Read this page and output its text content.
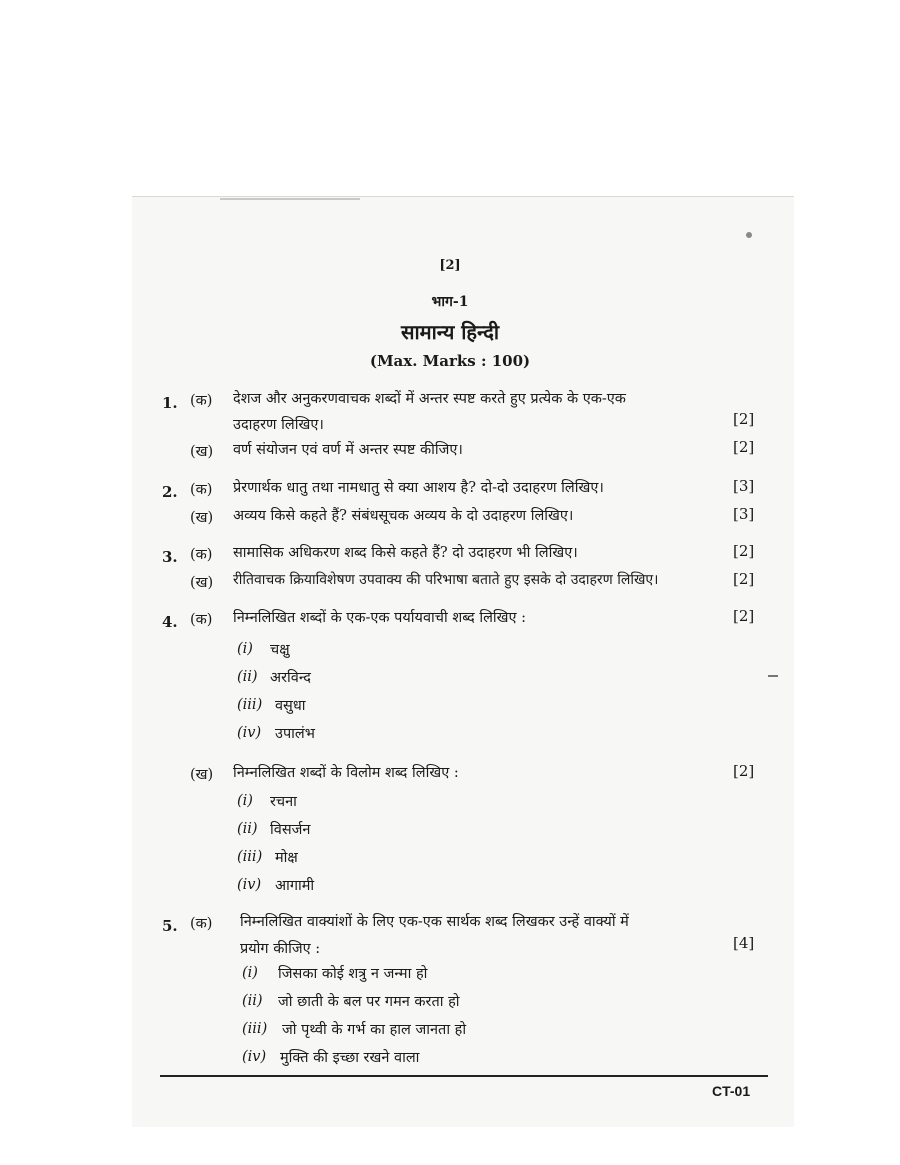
[2]
भाग-1
सामान्य हिन्दी
(Max. Marks : 100)
1. (क) देशज और अनुकरणवाचक शब्दों में अन्तर स्पष्ट करते हुए प्रत्येक के एक-एक
उदाहरण लिखिए।	[2]
(ख) वर्ण संयोजन एवं वर्ण में अन्तर स्पष्ट कीजिए।	[2]
2. (क) प्रेरणार्थक धातु तथा नामधातु से क्या आशय है? दो-दो उदाहरण लिखिए।	[3]
(ख) अव्यय किसे कहते हैं? संबंधसूचक अव्यय के दो उदाहरण लिखिए।	[3]
3. (क) सामासिक अधिकरण शब्द किसे कहते हैं? दो उदाहरण भी लिखिए।	[2]
(ख) रीतिवाचक क्रियाविशेषण उपवाक्य की परिभाषा बताते हुए इसके दो उदाहरण लिखिए।	[2]
4. (क) निम्नलिखित शब्दों के एक-एक पर्यायवाची शब्द लिखिए :	[2]
(i) चक्षु
(ii) अरविन्द
(iii) वसुधा
(iv) उपालंभ
(ख) निम्नलिखित शब्दों के विलोम शब्द लिखिए :	[2]
(i) रचना
(ii) विसर्जन
(iii) मोक्ष
(iv) आगामी
5. (क) निम्नलिखित वाक्यांशों के लिए एक-एक सार्थक शब्द लिखकर उन्हें वाक्यों में
प्रयोग कीजिए :	[4]
(i) जिसका कोई शत्रु न जन्मा हो
(ii) जो छाती के बल पर गमन करता हो
(iii) जो पृथ्वी के गर्भ का हाल जानता हो
(iv) मुक्ति की इच्छा रखने वाला
CT-01
